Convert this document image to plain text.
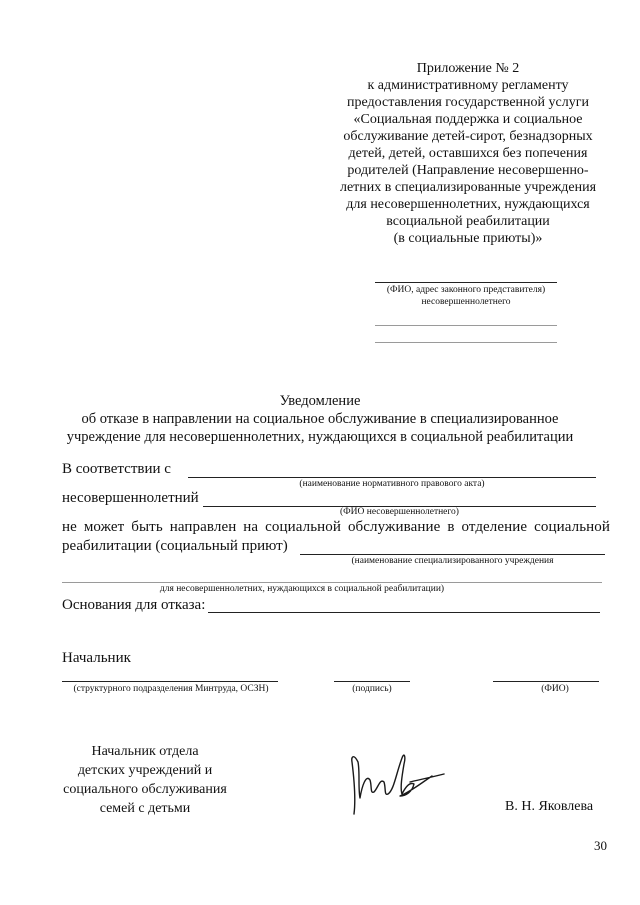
Приложение № 2
к административному регламенту
предоставления государственной услуги
«Социальная поддержка и социальное
обслуживание детей-сирот, безнадзорных
детей, детей, оставшихся без попечения
родителей (Направление несовершенно-
летних в специализированные учреждения
для несовершеннолетних, нуждающихся
всоциальной реабилитации
(в социальные приюты)»
(ФИО, адрес законного представителя)
несовершеннолетнего
Уведомление
об отказе в направлении на социальное обслуживание в специализированное
учреждение для несовершеннолетних, нуждающихся в социальной реабилитации
В соответствии с
(наименование нормативного правового акта)
несовершеннолетний
(ФИО несовершеннолетнего)
не может быть направлен на социальной обслуживание в отделение социальной
реабилитации (социальный приют)
(наименование специализированного учреждения
для несовершеннолетних, нуждающихся в социальной реабилитации)
Основания для отказа:
Начальник
(структурного подразделения Минтруда, ОСЗН)	(подпись)	(ФИО)
Начальник отдела
детских учреждений и
социального обслуживания
семей с детьми	В. Н. Яковлева
30
